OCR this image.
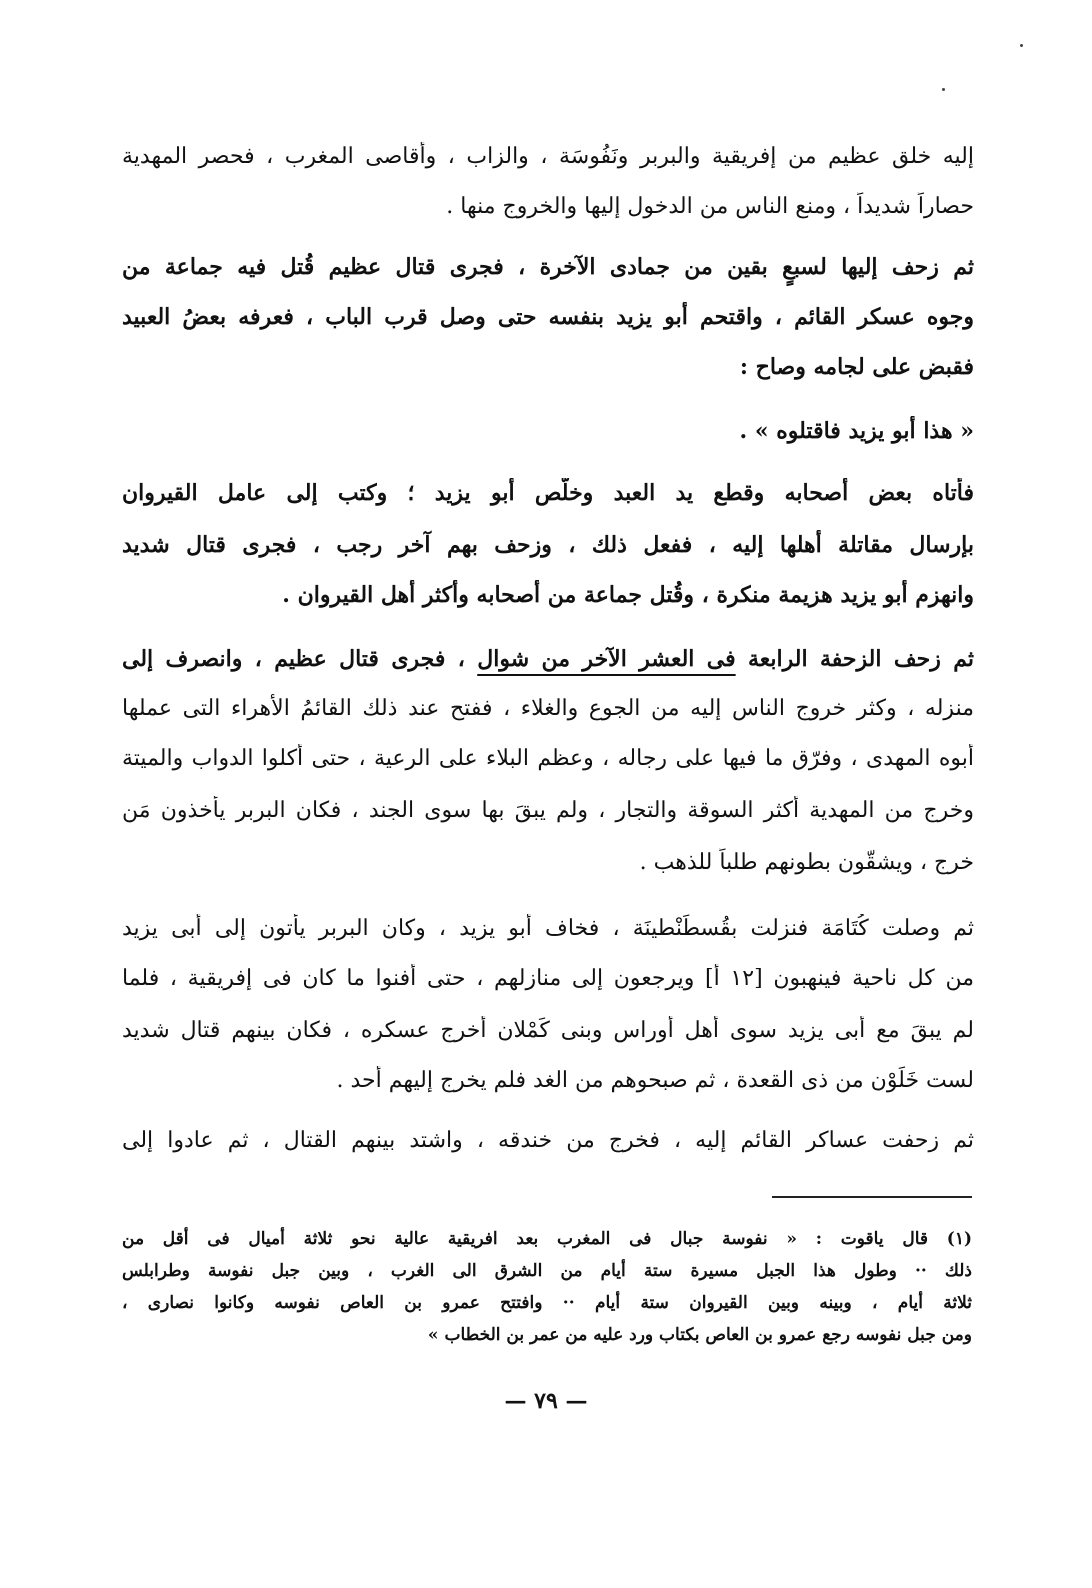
إليه خلق عظيم من إفريقية والبربر ونَفُوسَة ، والزاب ، وأقاصى المغرب ، فحصر المهدية
حصاراً شديداً ، ومنع الناس من الدخول إليها والخروج منها .
ثم زحف إليها لسبعٍ بقين من جمادى الآخرة ، فجرى قتال عظيم قُتل فيه جماعة من
وجوه عسكر القائم ، واقتحم أبو يزيد بنفسه حتى وصل قرب الباب ، فعرفه بعضُ العبيد
فقبض على لجامه وصاح :
« هذا أبو يزيد فاقتلوه » .
فأتاه بعض أصحابه وقطع يد العبد وخلّص أبو يزيد ؛ وكتب إلى عامل القيروان
بإرسال مقاتلة أهلها إليه ، ففعل ذلك ، وزحف بهم آخر رجب ، فجرى قتال شديد
وانهزم أبو يزيد هزيمة منكرة ، وقُتل جماعة من أصحابه وأكثر أهل القيروان .
ثم زحف الزحفة الرابعة فى العشر الآخر من شوال ، فجرى قتال عظيم ، وانصرف إلى
منزله ، وكثر خروج الناس إليه من الجوع والغلاء ، ففتح عند ذلك القائمُ الأهراء التى عملها
أبوه المهدى ، وفرّق ما فيها على رجاله ، وعظم البلاء على الرعية ، حتى أكلوا الدواب والميتة
وخرج من المهدية أكثر السوقة والتجار ، ولم يبقَ بها سوى الجند ، فكان البربر يأخذون مَن
خرج ، ويشقّون بطونهم طلباً للذهب .
ثم وصلت كُتَامَة فنزلت بقُسطَنْطينَة ، فخاف أبو يزيد ، وكان البربر يأتون إلى أبى يزيد
من كل ناحية فينهبون [١٢ أ] ويرجعون إلى منازلهم ، حتى أفنوا ما كان فى إفريقية ، فلما
لم يبقَ مع أبى يزيد سوى أهل أوراس وبنى كَمْلان أخرج عسكره ، فكان بينهم قتال شديد
لست خَلَوْن من ذى القعدة ، ثم صبحوهم من الغد فلم يخرج إليهم أحد .
ثم زحفت عساكر القائم إليه ، فخرج من خندقه ، واشتد بينهم القتال ، ثم عادوا إلى
(١) قال ياقوت : « نفوسة جبال فى المغرب بعد افريقية عالية نحو ثلاثة أميال فى أقل من
ذلك ·· وطول هذا الجبل مسيرة ستة أيام من الشرق الى الغرب ، وبين جبل نفوسة وطرابلس
ثلاثة أيام ، وبينه وبين القيروان ستة أيام ·· وافتتح عمرو بن العاص نفوسه وكانوا نصارى ،
ومن جبل نفوسه رجع عمرو بن العاص بكتاب ورد عليه من عمر بن الخطاب »
— ٧٩ —
